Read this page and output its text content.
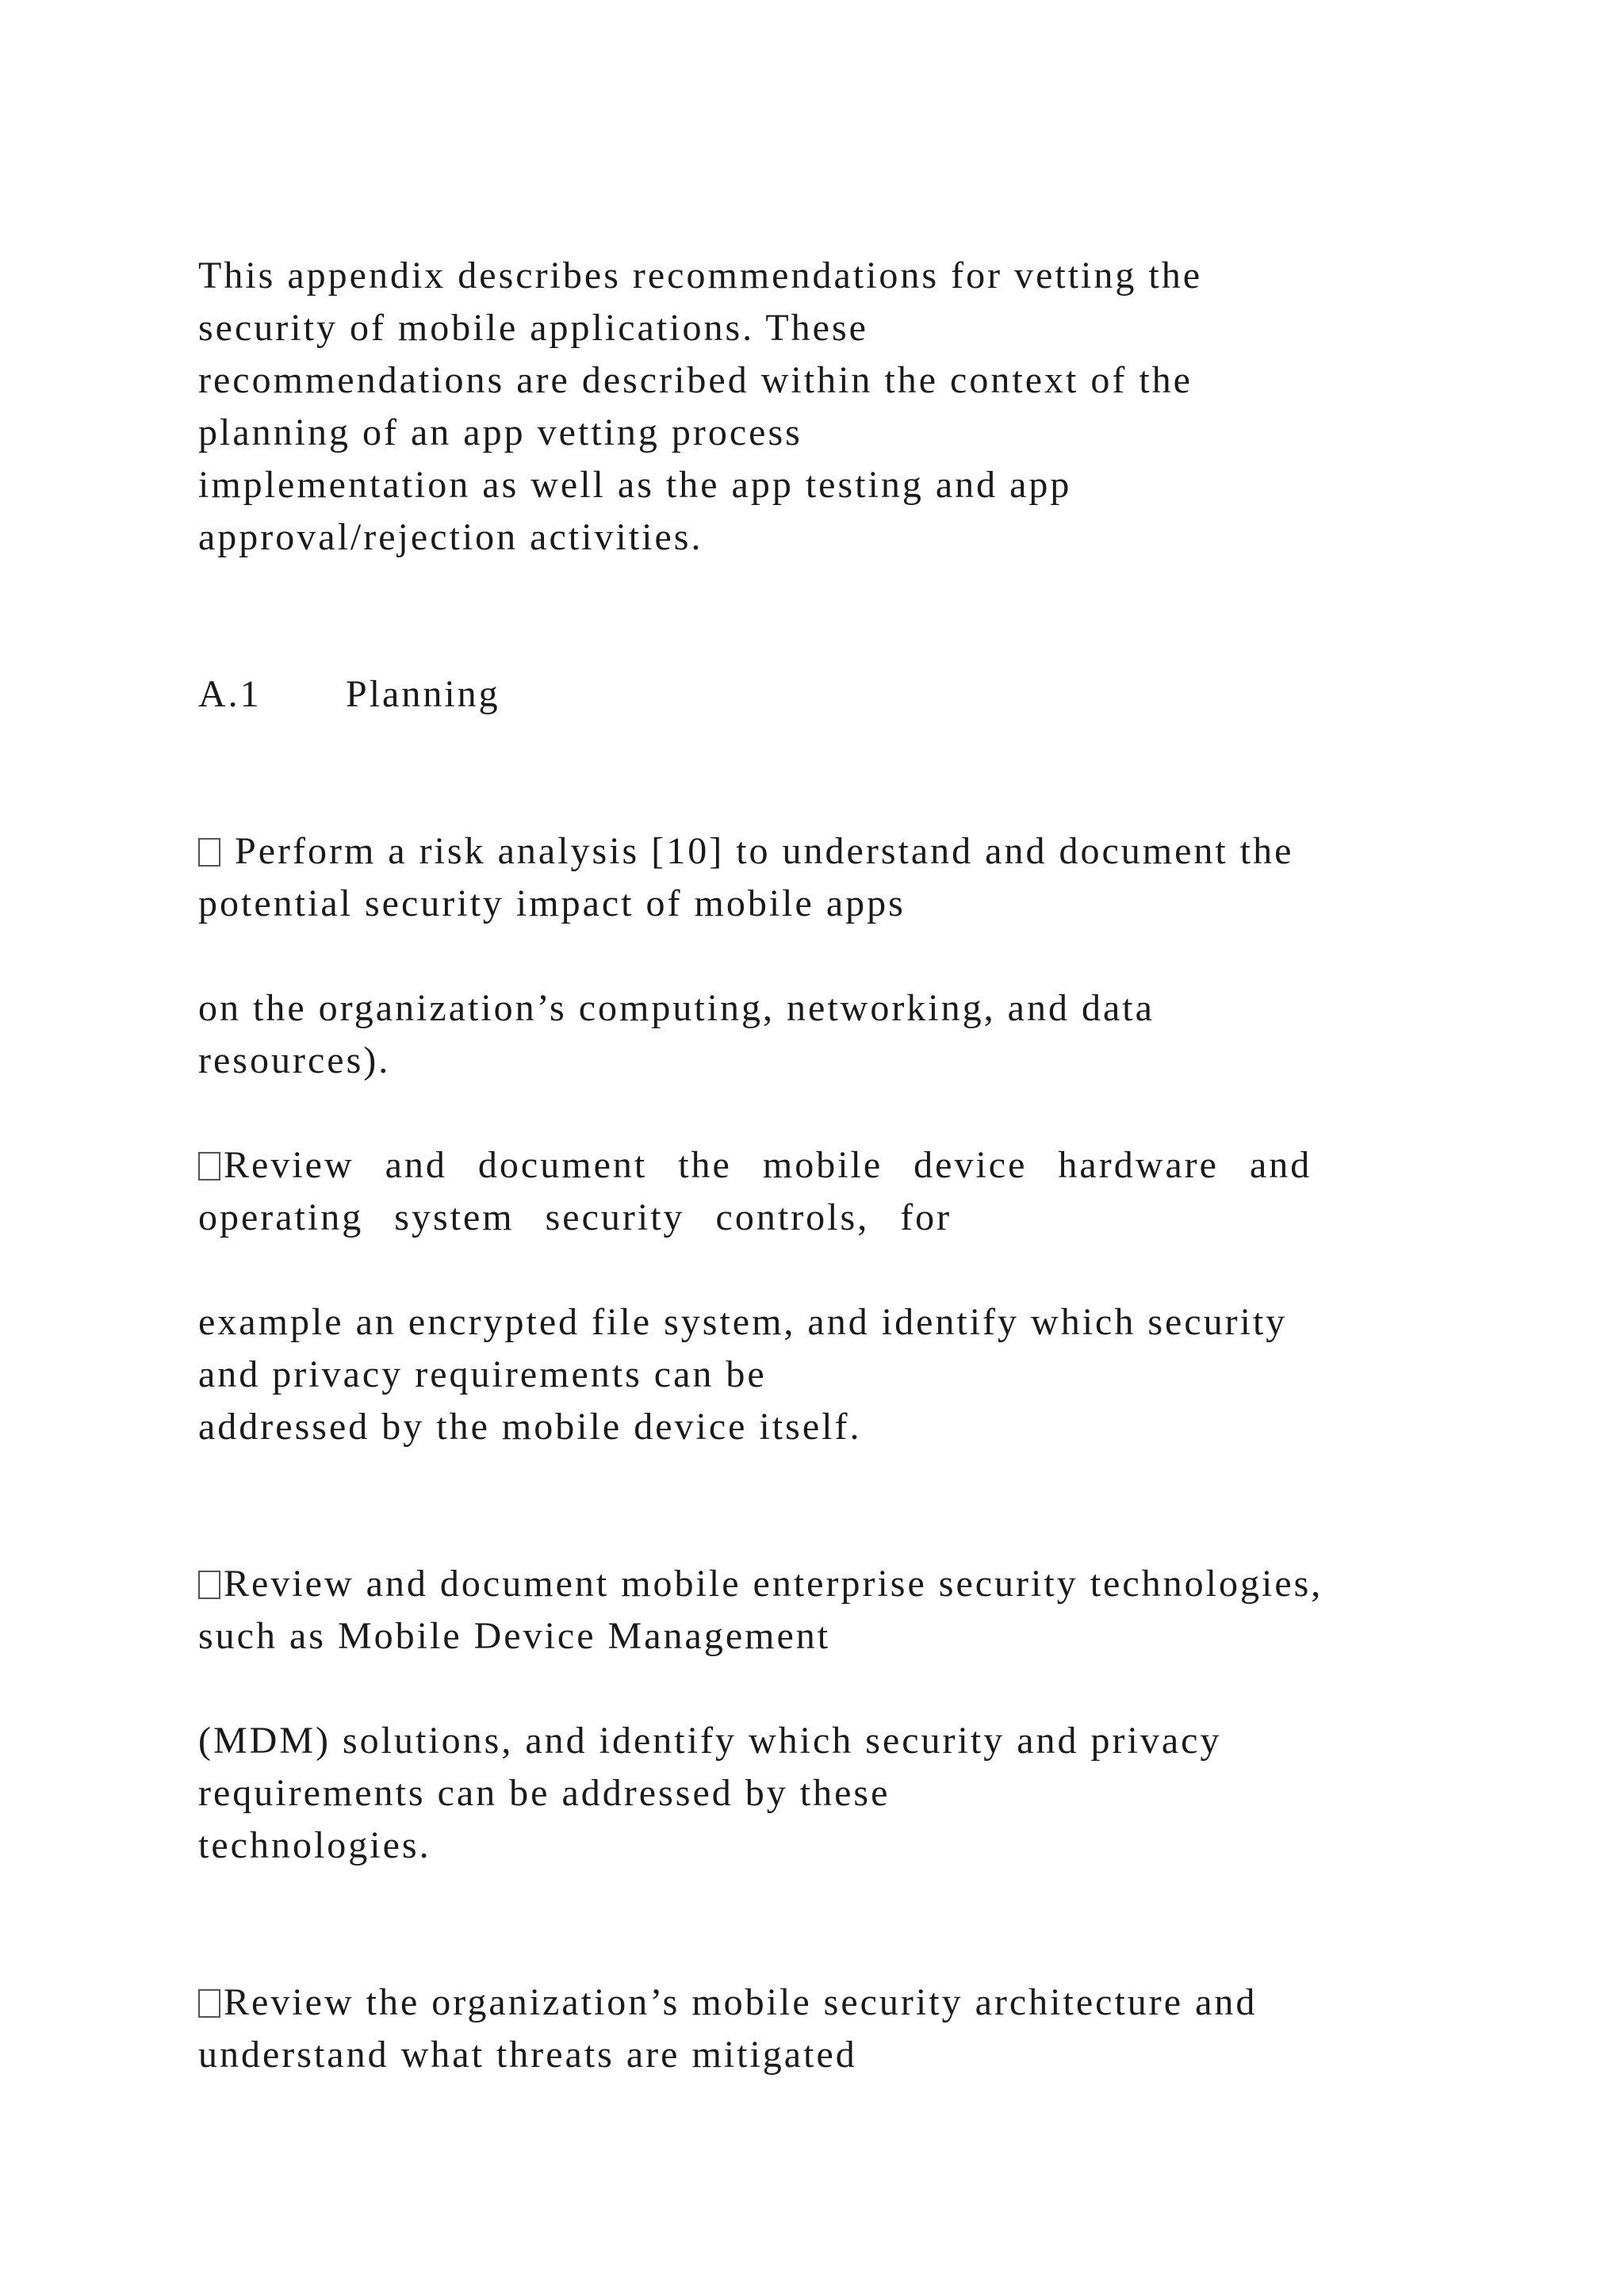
This appendix describes recommendations for vetting the
security of mobile applications. These
recommendations are described within the context of the
planning of an app vetting process
implementation as well as the app testing and app
approval/rejection activities.
A.1 Planning
Perform a risk analysis [10] to understand and document the
potential security impact of mobile apps
on the organization’s computing, networking, and data
resources).
Review and document the mobile device hardware and
operating system security controls, for
example an encrypted file system, and identify which security
and privacy requirements can be
addressed by the mobile device itself.
Review and document mobile enterprise security technologies,
such as Mobile Device Management
(MDM) solutions, and identify which security and privacy
requirements can be addressed by these
technologies.
Review the organization’s mobile security architecture and
understand what threats are mitigated
